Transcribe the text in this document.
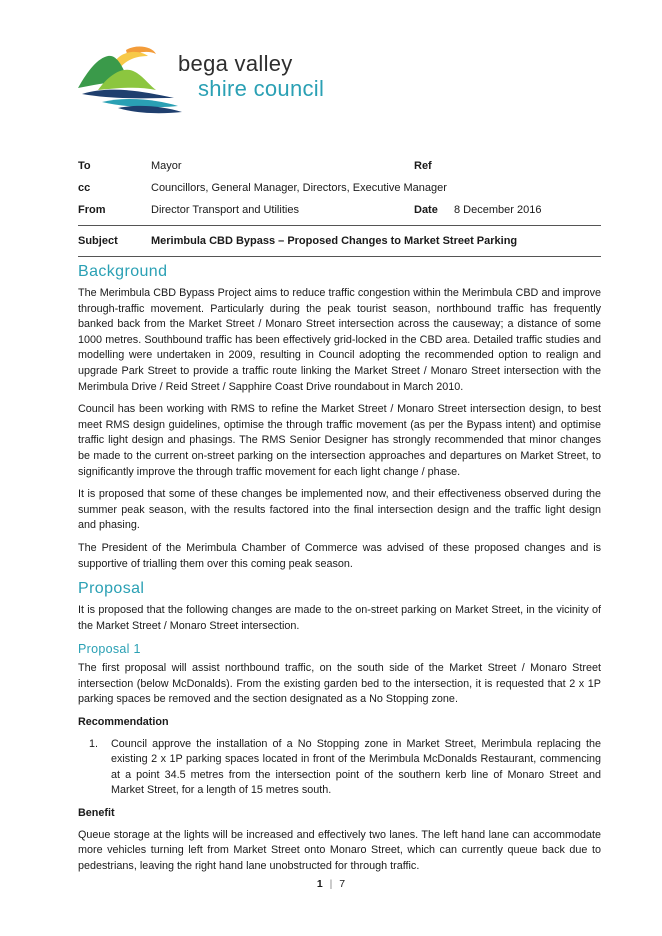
bega valley
shire council
To	Mayor	Ref
cc	Councillors, General Manager, Directors, Executive Manager
From	Director Transport and Utilities	Date 8 December 2016
Subject	Merimbula CBD Bypass – Proposed Changes to Market Street Parking
Background

The Merimbula CBD Bypass Project aims to reduce traffic congestion within the Merimbula CBD and improve through-traffic movement. Particularly during the peak tourist season, northbound traffic has frequently banked back from the Market Street / Monaro Street intersection across the causeway; a distance of some 1000 metres. Southbound traffic has been effectively grid-locked in the CBD area. Detailed traffic studies and modelling were undertaken in 2009, resulting in Council adopting the recommended option to realign and upgrade Park Street to provide a traffic route linking the Market Street / Monaro Street intersection with the Merimbula Drive / Reid Street / Sapphire Coast Drive roundabout in March 2010.

Council has been working with RMS to refine the Market Street / Monaro Street intersection design, to best meet RMS design guidelines, optimise the through traffic movement (as per the Bypass intent) and optimise traffic light design and phasings. The RMS Senior Designer has strongly recommended that minor changes be made to the current on-street parking on the intersection approaches and departures on Market Street, to significantly improve the through traffic movement for each light change / phase.

It is proposed that some of these changes be implemented now, and their effectiveness observed during the summer peak season, with the results factored into the final intersection design and the traffic light design and phasing.

The President of the Merimbula Chamber of Commerce was advised of these proposed changes and is supportive of trialling them over this coming peak season.

Proposal

It is proposed that the following changes are made to the on-street parking on Market Street, in the vicinity of the Market Street / Monaro Street intersection.

Proposal 1

The first proposal will assist northbound traffic, on the south side of the Market Street / Monaro Street intersection (below McDonalds). From the existing garden bed to the intersection, it is requested that 2 x 1P parking spaces be removed and the section designated as a No Stopping zone.

Recommendation
1. Council approve the installation of a No Stopping zone in Market Street, Merimbula replacing the existing 2 x 1P parking spaces located in front of the Merimbula McDonalds Restaurant, commencing at a point 34.5 metres from the intersection point of the southern kerb line of Monaro Street and Market Street, for a length of 15 metres south.
Benefit

Queue storage at the lights will be increased and effectively two lanes. The left hand lane can accommodate more vehicles turning left from Market Street onto Monaro Street, which can currently queue back due to pedestrians, leaving the right hand lane unobstructed for through traffic.

1 | 7
